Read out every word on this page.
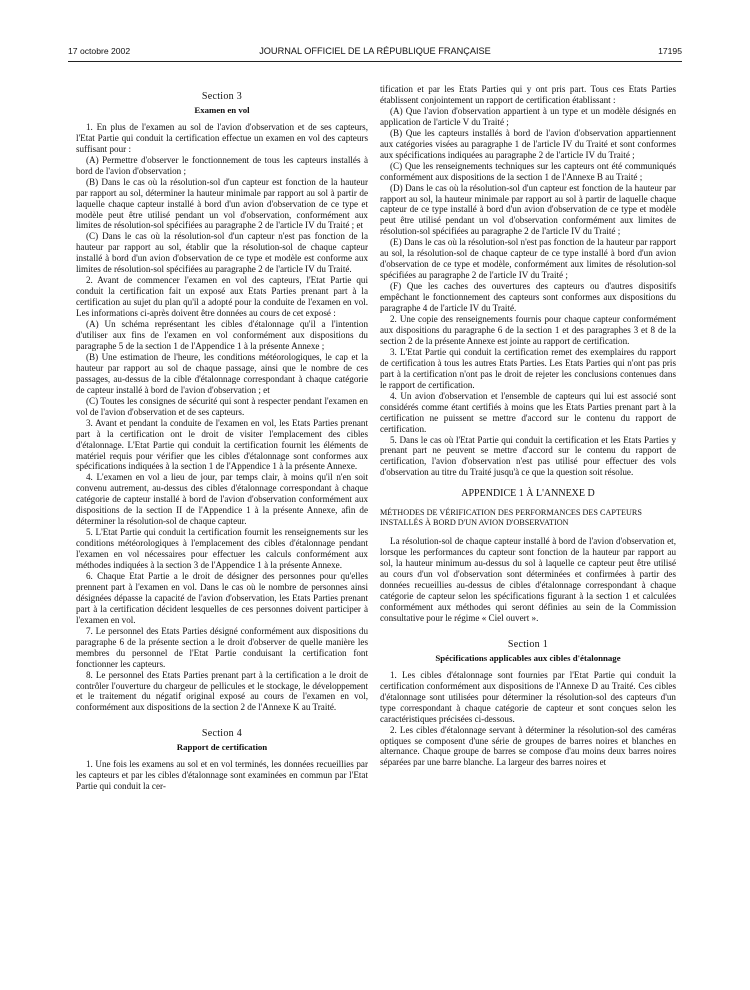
17 octobre 2002	JOURNAL OFFICIEL DE LA RÉPUBLIQUE FRANÇAISE	17195
Section 3
Examen en vol

1. En plus de l'examen au sol de l'avion d'observation et de ses capteurs, l'Etat Partie qui conduit la certification effectue un examen en vol des capteurs suffisant pour :

(A) Permettre d'observer le fonctionnement de tous les capteurs installés à bord de l'avion d'observation ;

(B) Dans le cas où la résolution-sol d'un capteur est fonction de la hauteur par rapport au sol, déterminer la hauteur minimale par rapport au sol à partir de laquelle chaque capteur installé à bord d'un avion d'observation de ce type et modèle peut être utilisé pendant un vol d'observation, conformément aux limites de résolution-sol spécifiées au paragraphe 2 de l'article IV du Traité ; et

(C) Dans le cas où la résolution-sol d'un capteur n'est pas fonction de la hauteur par rapport au sol, établir que la résolution-sol de chaque capteur installé à bord d'un avion d'observation de ce type et modèle est conforme aux limites de résolution-sol spécifiées au paragraphe 2 de l'article IV du Traité.

2. Avant de commencer l'examen en vol des capteurs, l'Etat Partie qui conduit la certification fait un exposé aux Etats Parties prenant part à la certification au sujet du plan qu'il a adopté pour la conduite de l'examen en vol. Les informations ci-après doivent être données au cours de cet exposé :

(A) Un schéma représentant les cibles d'étalonnage qu'il a l'intention d'utiliser aux fins de l'examen en vol conformément aux dispositions du paragraphe 5 de la section 1 de l'Appendice 1 à la présente Annexe ;

(B) Une estimation de l'heure, les conditions météorologiques, le cap et la hauteur par rapport au sol de chaque passage, ainsi que le nombre de ces passages, au-dessus de la cible d'étalonnage correspondant à chaque catégorie de capteur installé à bord de l'avion d'observation ; et

(C) Toutes les consignes de sécurité qui sont à respecter pendant l'examen en vol de l'avion d'observation et de ses capteurs.

3. Avant et pendant la conduite de l'examen en vol, les Etats Parties prenant part à la certification ont le droit de visiter l'emplacement des cibles d'étalonnage. L'Etat Partie qui conduit la certification fournit les éléments de matériel requis pour vérifier que les cibles d'étalonnage sont conformes aux spécifications indiquées à la section 1 de l'Appendice 1 à la présente Annexe.

4. L'examen en vol a lieu de jour, par temps clair, à moins qu'il n'en soit convenu autrement, au-dessus des cibles d'étalonnage correspondant à chaque catégorie de capteur installé à bord de l'avion d'observation conformément aux dispositions de la section II de l'Appendice 1 à la présente Annexe, afin de déterminer la résolution-sol de chaque capteur.

5. L'Etat Partie qui conduit la certification fournit les renseignements sur les conditions météorologiques à l'emplacement des cibles d'étalonnage pendant l'examen en vol nécessaires pour effectuer les calculs conformément aux méthodes indiquées à la section 3 de l'Appendice 1 à la présente Annexe.

6. Chaque Etat Partie a le droit de désigner des personnes pour qu'elles prennent part à l'examen en vol. Dans le cas où le nombre de personnes ainsi désignées dépasse la capacité de l'avion d'observation, les Etats Parties prenant part à la certification décident lesquelles de ces personnes doivent participer à l'examen en vol.

7. Le personnel des Etats Parties désigné conformément aux dispositions du paragraphe 6 de la présente section a le droit d'observer de quelle manière les membres du personnel de l'Etat Partie conduisant la certification font fonctionner les capteurs.

8. Le personnel des Etats Parties prenant part à la certification a le droit de contrôler l'ouverture du chargeur de pellicules et le stockage, le développement et le traitement du négatif original exposé au cours de l'examen en vol, conformément aux dispositions de la section 2 de l'Annexe K au Traité.

Section 4
Rapport de certification

1. Une fois les examens au sol et en vol terminés, les données recueillies par les capteurs et par les cibles d'étalonnage sont examinées en commun par l'Etat Partie qui conduit la cer-

tification et par les Etats Parties qui y ont pris part. Tous ces Etats Parties établissent conjointement un rapport de certification établissant :

(A) Que l'avion d'observation appartient à un type et un modèle désignés en application de l'article V du Traité ;

(B) Que les capteurs installés à bord de l'avion d'observation appartiennent aux catégories visées au paragraphe 1 de l'article IV du Traité et sont conformes aux spécifications indiquées au paragraphe 2 de l'article IV du Traité ;

(C) Que les renseignements techniques sur les capteurs ont été communiqués conformément aux dispositions de la section 1 de l'Annexe B au Traité ;

(D) Dans le cas où la résolution-sol d'un capteur est fonction de la hauteur par rapport au sol, la hauteur minimale par rapport au sol à partir de laquelle chaque capteur de ce type installé à bord d'un avion d'observation de ce type et modèle peut être utilisé pendant un vol d'observation conformément aux limites de résolution-sol spécifiées au paragraphe 2 de l'article IV du Traité ;

(E) Dans le cas où la résolution-sol n'est pas fonction de la hauteur par rapport au sol, la résolution-sol de chaque capteur de ce type installé à bord d'un avion d'observation de ce type et modèle, conformément aux limites de résolution-sol spécifiées au paragraphe 2 de l'article IV du Traité ;

(F) Que les caches des ouvertures des capteurs ou d'autres dispositifs empêchant le fonctionnement des capteurs sont conformes aux dispositions du paragraphe 4 de l'article IV du Traité.

2. Une copie des renseignements fournis pour chaque capteur conformément aux dispositions du paragraphe 6 de la section 1 et des paragraphes 3 et 8 de la section 2 de la présente Annexe est jointe au rapport de certification.

3. L'Etat Partie qui conduit la certification remet des exemplaires du rapport de certification à tous les autres Etats Parties. Les Etats Parties qui n'ont pas pris part à la certification n'ont pas le droit de rejeter les conclusions contenues dans le rapport de certification.

4. Un avion d'observation et l'ensemble de capteurs qui lui est associé sont considérés comme étant certifiés à moins que les Etats Parties prenant part à la certification ne puissent se mettre d'accord sur le contenu du rapport de certification.

5. Dans le cas où l'Etat Partie qui conduit la certification et les Etats Parties y prenant part ne peuvent se mettre d'accord sur le contenu du rapport de certification, l'avion d'observation n'est pas utilisé pour effectuer des vols d'observation au titre du Traité jusqu'à ce que la question soit résolue.

APPENDICE 1 À L'ANNEXE D

MÉTHODES DE VÉRIFICATION DES PERFORMANCES DES CAPTEURS INSTALLÉS À BORD D'UN AVION D'OBSERVATION

La résolution-sol de chaque capteur installé à bord de l'avion d'observation et, lorsque les performances du capteur sont fonction de la hauteur par rapport au sol, la hauteur minimum au-dessus du sol à laquelle ce capteur peut être utilisé au cours d'un vol d'observation sont déterminées et confirmées à partir des données recueillies au-dessus de cibles d'étalonnage correspondant à chaque catégorie de capteur selon les spécifications figurant à la section 1 et calculées conformément aux méthodes qui seront définies au sein de la Commission consultative pour le régime « Ciel ouvert ».

Section 1
Spécifications applicables aux cibles d'étalonnage

1. Les cibles d'étalonnage sont fournies par l'Etat Partie qui conduit la certification conformément aux dispositions de l'Annexe D au Traité. Ces cibles d'étalonnage sont utilisées pour déterminer la résolution-sol des capteurs d'un type correspondant à chaque catégorie de capteur et sont conçues selon les caractéristiques précisées ci-dessous.

2. Les cibles d'étalonnage servant à déterminer la résolution-sol des caméras optiques se composent d'une série de groupes de barres noires et blanches en alternance. Chaque groupe de barres se compose d'au moins deux barres noires séparées par une barre blanche. La largeur des barres noires et
